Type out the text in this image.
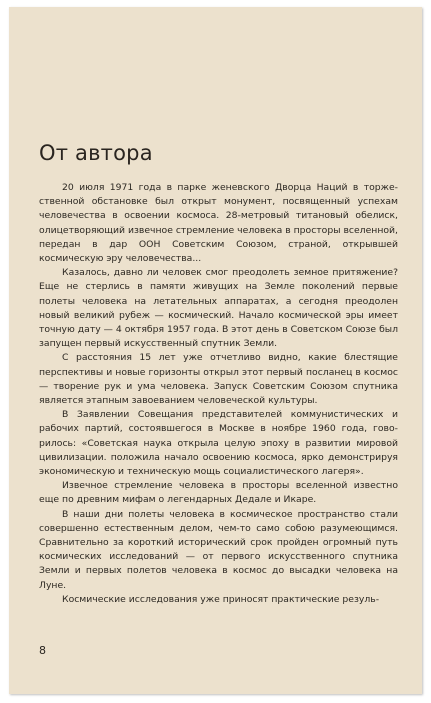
От автора

20 июля 1971 года в парке женевского Дворца Наций в торжественной обстановке был открыт монумент, посвященный успехам человечества в освоении космоса. 28-метровый титановый обелиск, олицетворяющий извечное стремление человека в просторы вселенной, передан в дар ООН Советским Союзом, страной, открывшей космическую эру человечества...

Казалось, давно ли человек смог преодолеть земное притяжение? Еще не стерлись в памяти живущих на Земле поколений первые полеты человека на летательных аппаратах, а сегодня преодолен новый великий рубеж — космический. Начало космической эры имеет точную дату — 4 октября 1957 года. В этот день в Советском Союзе был запущен первый искусственный спутник Земли.

С расстояния 15 лет уже отчетливо видно, какие блестящие перспективы и новые горизонты открыл этот первый посланец в космос — творение рук и ума человека. Запуск Советским Союзом спутника является этапным завоеванием человеческой культуры.

В Заявлении Совещания представителей коммунистических и рабочих партий, состоявшегося в Москве в ноябре 1960 года, говорилось: «Советская наука открыла целую эпоху в развитии мировой цивилизации. положила начало освоению космоса, ярко демонстрируя экономическую и техническую мощь социалистического лагеря».

Извечное стремление человека в просторы вселенной известно еще по древним мифам о легендарных Дедале и Икаре.

В наши дни полеты человека в космическое пространство стали совершенно естественным делом, чем-то само собою разумеющимся. Сравнительно за короткий исторический срок пройден огромный путь космических исследований — от первого искусственного спутника Земли и первых полетов человека в космос до высадки человека на Луне.

Космические исследования уже приносят практические резуль-

8
